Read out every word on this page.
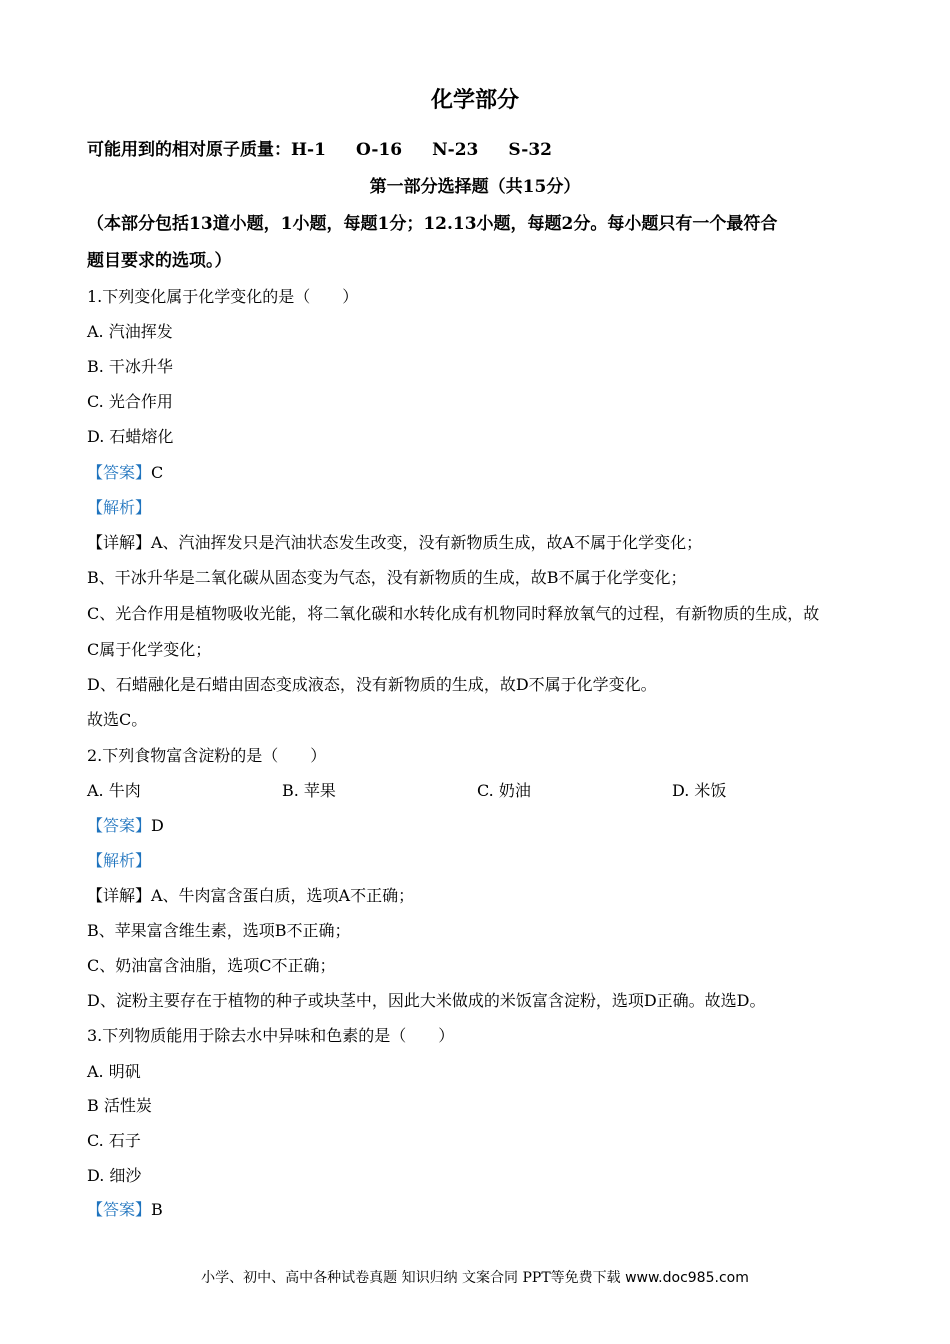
化学部分
可能用到的相对原子质量：H-1 O-16 N-23 S-32
第一部分选择题（共15分）
（本部分包括13道小题，1小题，每题1分；12.13小题，每题2分。每小题只有一个最符合
题目要求的选项。）
1.下列变化属于化学变化的是（　　）
A. 汽油挥发
B. 干冰升华
C. 光合作用
D. 石蜡熔化
【答案】C
【解析】
【详解】A、汽油挥发只是汽油状态发生改变，没有新物质生成，故A不属于化学变化；
B、干冰升华是二氧化碳从固态变为气态，没有新物质的生成，故B不属于化学变化；
C、光合作用是植物吸收光能，将二氧化碳和水转化成有机物同时释放氧气的过程，有新物质的生成，故
C属于化学变化；
D、石蜡融化是石蜡由固态变成液态，没有新物质的生成，故D不属于化学变化。
故选C。
2.下列食物富含淀粉的是（　　）
A. 牛肉	B. 苹果	C. 奶油	D. 米饭
【答案】D
【解析】
【详解】A、牛肉富含蛋白质，选项A不正确；
B、苹果富含维生素，选项B不正确；
C、奶油富含油脂，选项C不正确；
D、淀粉主要存在于植物的种子或块茎中，因此大米做成的米饭富含淀粉，选项D正确。故选D。
3.下列物质能用于除去水中异味和色素的是（　　）
A. 明矾
B 活性炭
C. 石子
D. 细沙
【答案】B
小学、初中、高中各种试卷真题 知识归纳 文案合同 PPT等免费下载 www.doc985.com
